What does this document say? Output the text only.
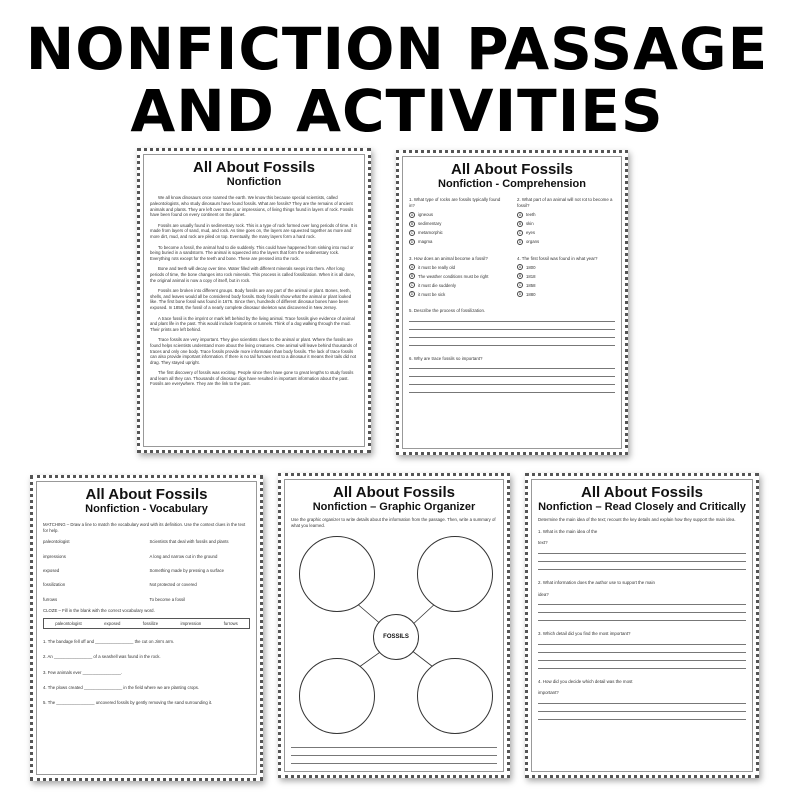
NONFICTION PASSAGE
AND ACTIVITIES
All About Fossils
Nonfiction

We all know dinosaurs once roamed the earth. We know this because special scientists, called paleontologists, who study dinosaurs have found fossils. What are fossils? They are the remains of ancient animals and plants. They are left over traces, or impressions, of living things found in layers of rock. Fossils have been found on every continent on the planet.

Fossils are usually found in sedimentary rock. This is a type of rock formed over long periods of time. It is made from layers of sand, mud, and rock. As time goes on, the layers are squeezed together as more and more dirt, mud, and rock are piled on top. Eventually, the many layers form a hard rock.

To become a fossil, the animal had to die suddenly. This could have happened from sinking into mud or being buried in a sandstorm. The animal is squeezed into the layers that form the sedimentary rock. Everything rots except for the teeth and bone. These are pressed into the rock.

Bone and teeth will decay over time. Water filled with different minerals seeps into them. After long periods of time, the bone changes into rock minerals. This process is called fossilization. When it is all done, the original animal is now a copy of itself, but in rock.

Fossils are broken into different groups. Body fossils are any part of the animal or plant. Bones, teeth, shells, and leaves would all be considered body fossils. Body fossils show what the animal or plant looked like. The first bone fossil was found in 1676. Since then, hundreds of different dinosaur bones have been exposed. In 1858, the fossil of a nearly complete dinosaur skeleton was discovered in New Jersey.

A trace fossil is the imprint or mark left behind by the living animal. Trace fossils give evidence of animal and plant life in the past. This would include footprints or tunnels. Think of a dog walking through the mud. Their prints are left behind.

Trace fossils are very important. They give scientists clues to the animal or plant. Where the fossils are found helps scientists understand more about the living creatures. One animal will leave behind thousands of traces and only one body. Trace fossils provide more information than body fossils. The lack of trace fossils can also provide important information. If there is no tail furrows next to a dinosaur it means their tails did not drag. They stayed upright.

The first discovery of fossils was exciting. People since then have gone to great lengths to study fossils and learn all they can. Thousands of dinosaur digs have resulted in important information about the past. Fossils are everywhere. They are the link to the past.

All About Fossils
Nonfiction - Comprehension
1. What type of rocks are fossils typically found in?
A	igneous
B	sedimentary
C	metamorphic
D	magma
2. What part of an animal will not rot to become a fossil?
A	teeth
B	skin
C	eyes
D	organs
3. How does an animal become a fossil?
A	it must be really old
B	The weather conditions must be right
C	it must die suddenly
D	it must be sick
4. The first fossil was found in what year?
A	1800
B	1818
C	1858
D	1880
5. Describe the process of fossilization.
6. Why are trace fossils so important?
All About Fossils
Nonfiction - Vocabulary
MATCHING – Draw a line to match the vocabulary word with its definition. Use the context clues in the text for help.
paleontologist	Scientists that deal with fossils and plants
impressions	A long and narrow cut in the ground
exposed	Something made by pressing a surface
fossilization	Not protected or covered
furrows	To become a fossil
CLOZE – Fill in the blank with the correct vocabulary word.
paleontologist	exposed	fossilize	impression	furrows
1. The bandage fell off and ________________ the cut on Jim's arm.
2. An ________________ of a seashell was found in the rock.
3. Few animals ever ________________.
4. The plows created ________________ in the field where we are planting crops.
5. The ________________ uncovered fossils by gently removing the sand surrounding it.
All About Fossils
Nonfiction – Graphic Organizer
Use the graphic organizer to write details about the information from the passage. Then, write a summary of what you learned.
FOSSILS
All About Fossils
Nonfiction – Read Closely and Critically
Determine the main idea of the text; recount the key details and explain how they support the main idea.
1. What is the main idea of the
text?
2. What information does the author use to support the main
idea?
3. Which detail did you find the most important?
4. How did you decide which detail was the most
important?
